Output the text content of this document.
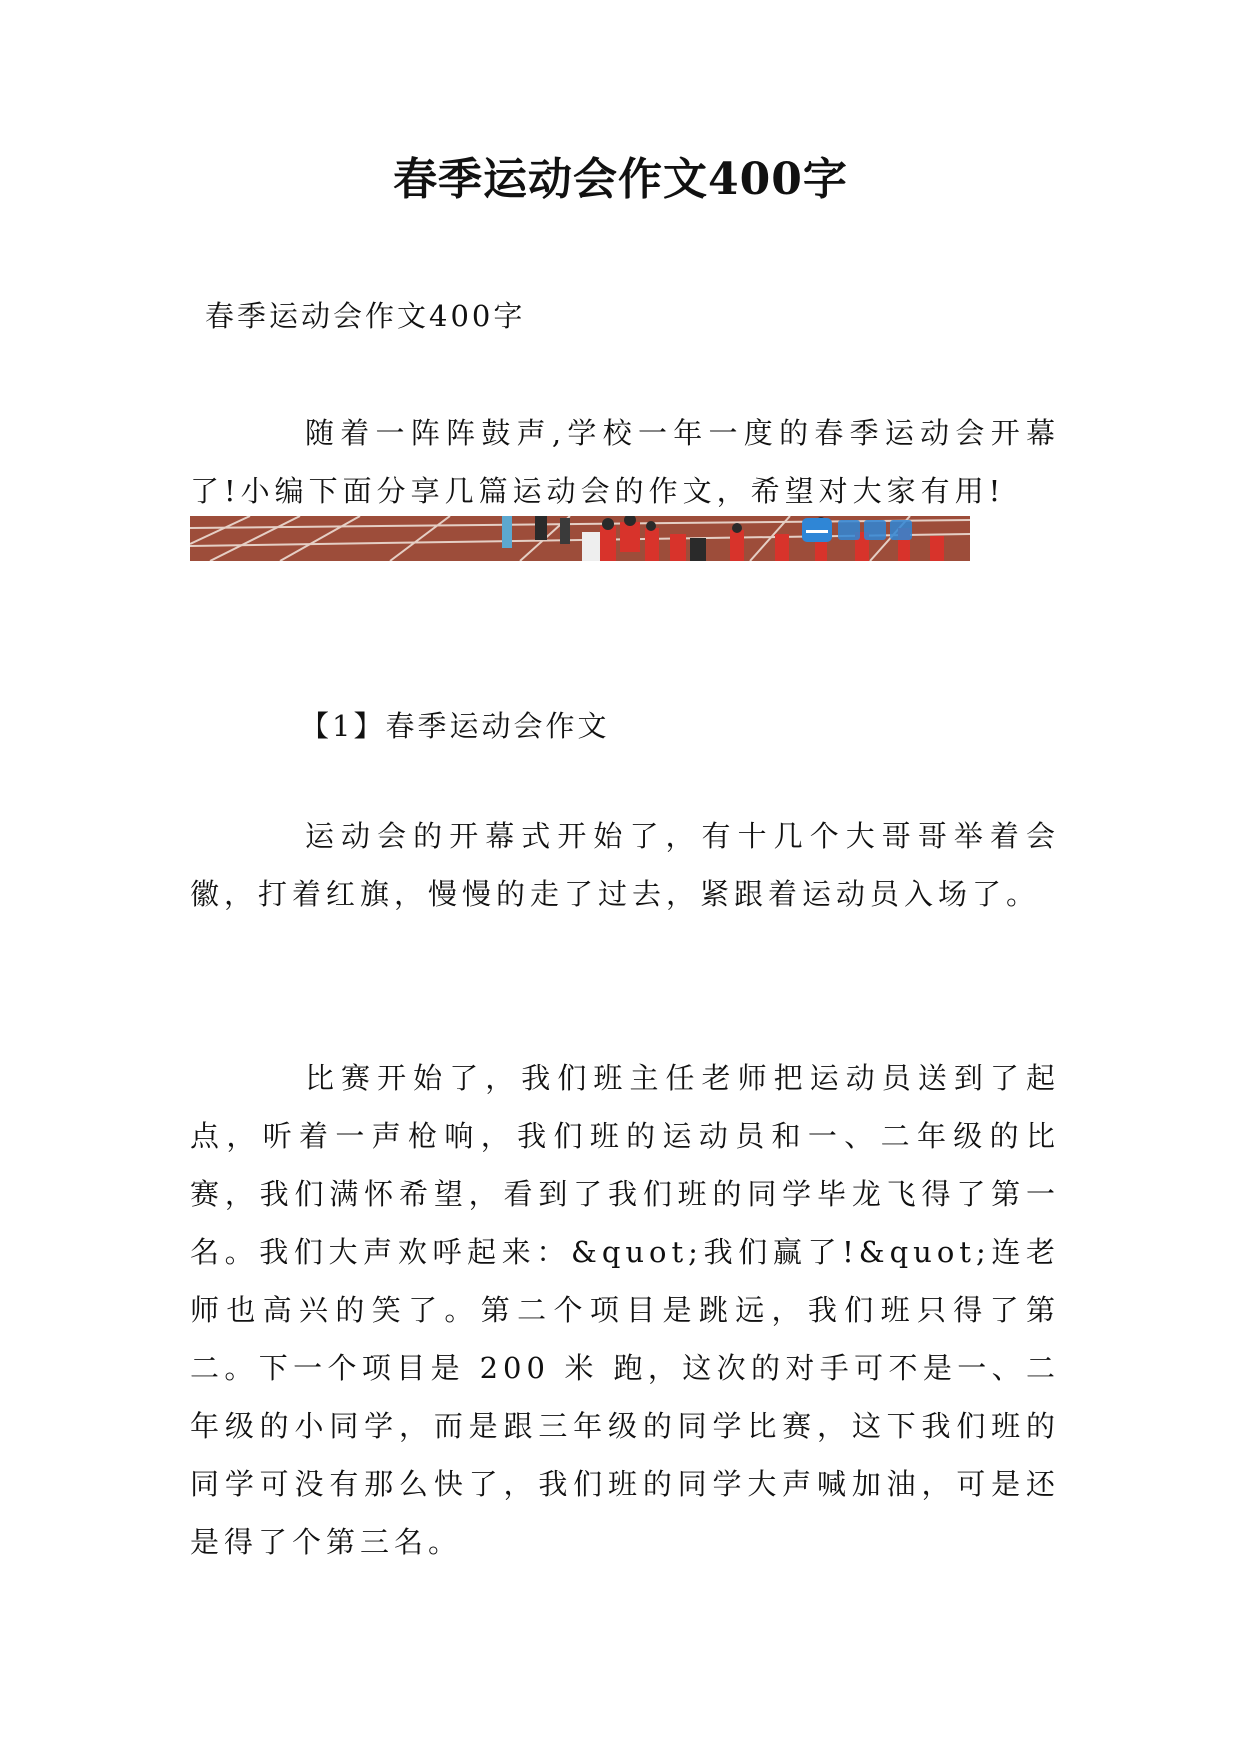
春季运动会作文400字
春季运动会作文400字

随着一阵阵鼓声,学校一年一度的春季运动会开幕了!小编下面分享几篇运动会的作文，希望对大家有用!

【1】春季运动会作文

运动会的开幕式开始了，有十几个大哥哥举着会徽，打着红旗，慢慢的走了过去，紧跟着运动员入场了。

比赛开始了，我们班主任老师把运动员送到了起点，听着一声枪响，我们班的运动员和一、二年级的比赛，我们满怀希望，看到了我们班的同学毕龙飞得了第一名。我们大声欢呼起来：&quot;我们赢了!&quot;连老师也高兴的笑了。第二个项目是跳远，我们班只得了第二。下一个项目是 200 米 跑，这次的对手可不是一、二年级的小同学，而是跟三年级的同学比赛，这下我们班的同学可没有那么快了，我们班的同学大声喊加油，可是还是得了个第三名。
